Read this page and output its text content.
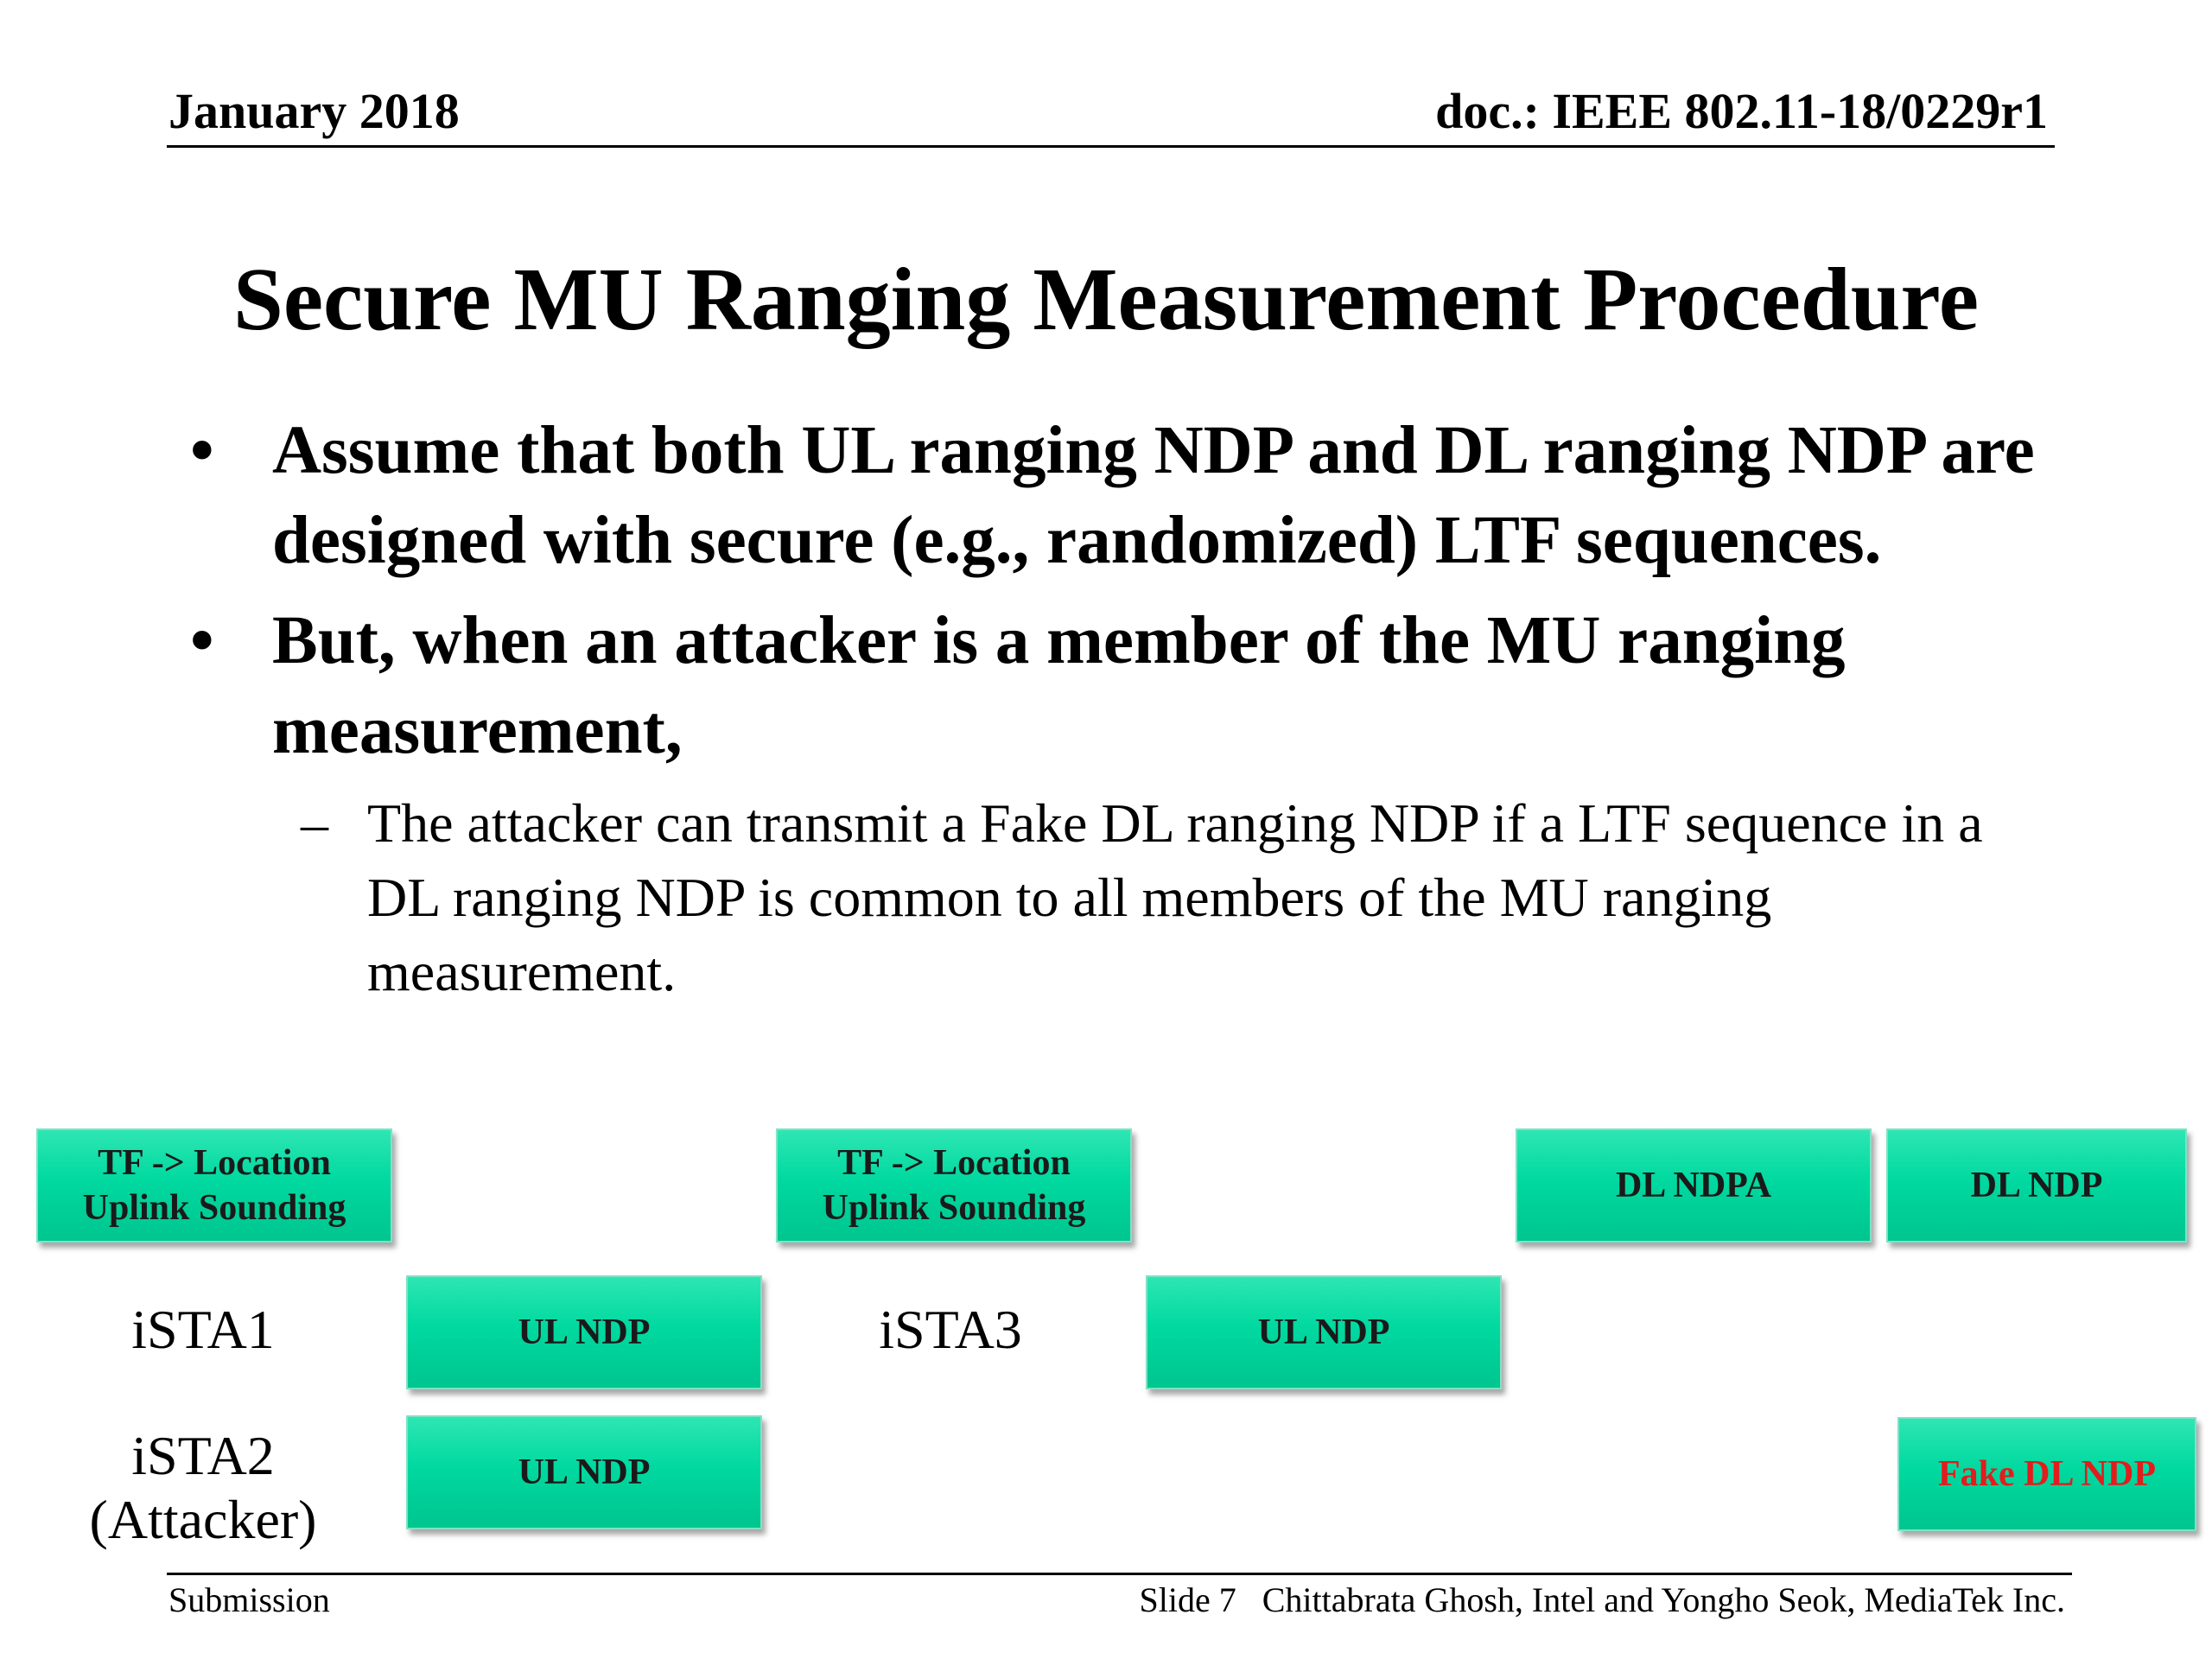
January 2018	doc.: IEEE 802.11-18/0229r1
Secure MU Ranging Measurement Procedure
• Assume that both UL ranging NDP and DL ranging NDP are designed with secure (e.g., randomized) LTF sequences.
• But, when an attacker is a member of the MU ranging measurement,
– The attacker can transmit a Fake DL ranging NDP if a LTF sequence in a DL ranging NDP is common to all members of the MU ranging measurement.
TF -> Location Uplink Sounding
TF -> Location Uplink Sounding
DL NDPA	DL NDP
iSTA1	UL NDP	iSTA3	UL NDP
iSTA2
(Attacker)
UL NDP	Fake DL NDP
Submission	Slide 7 Chittabrata Ghosh, Intel and Yongho Seok, MediaTek Inc.
